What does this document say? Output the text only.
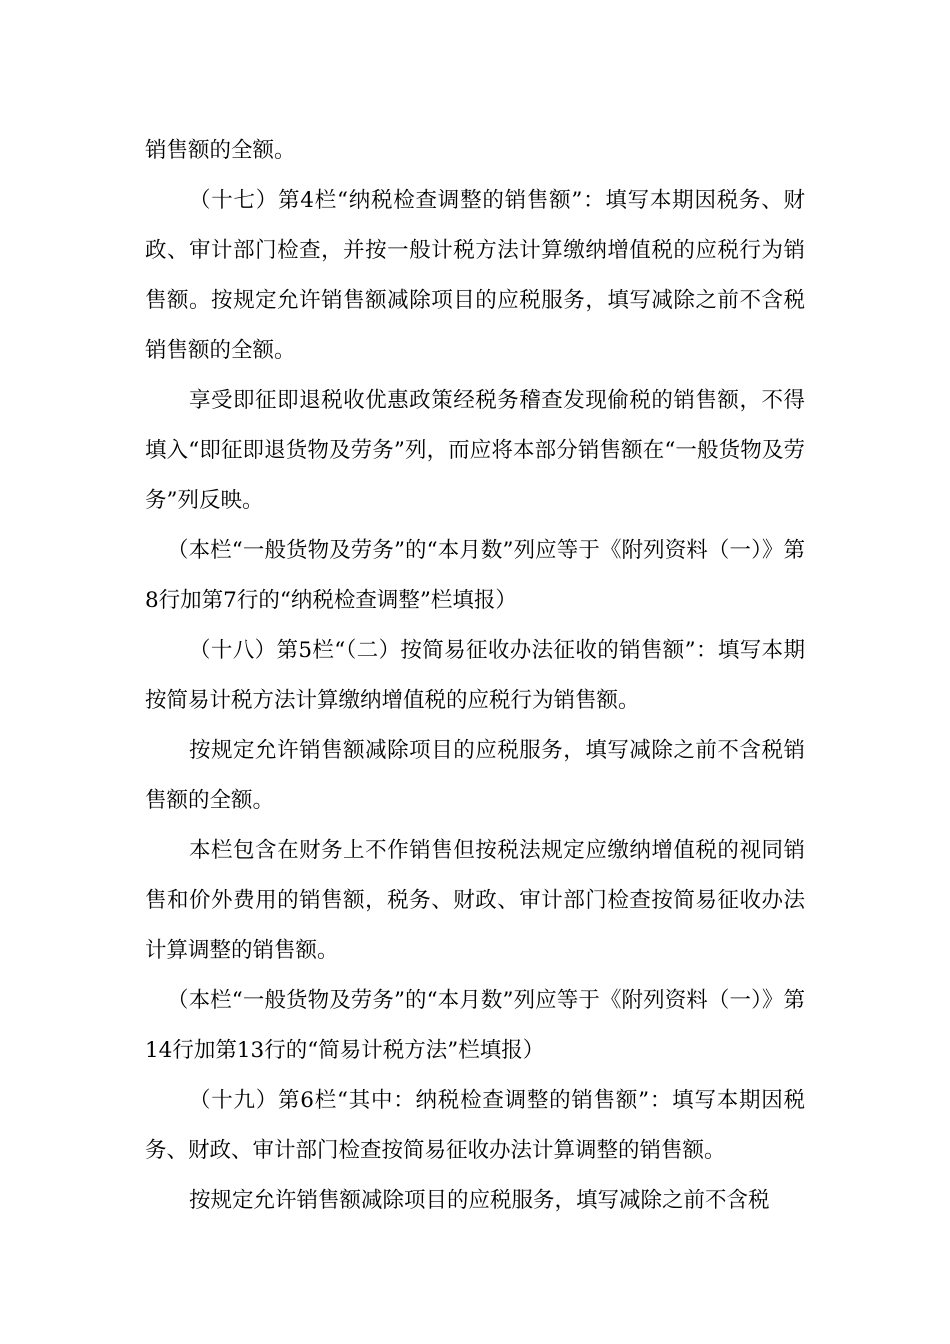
销售额的全额。

（十七）第4栏“纳税检查调整的销售额”：填写本期因税务、财政、审计部门检查，并按一般计税方法计算缴纳增值税的应税行为销售额。按规定允许销售额减除项目的应税服务，填写减除之前不含税销售额的全额。

享受即征即退税收优惠政策经税务稽查发现偷税的销售额，不得填入“即征即退货物及劳务”列，而应将本部分销售额在“一般货物及劳务”列反映。

（本栏“一般货物及劳务”的“本月数”列应等于《附列资料（一）》第8行加第7行的“纳税检查调整”栏填报）

（十八）第5栏“（二）按简易征收办法征收的销售额”：填写本期按简易计税方法计算缴纳增值税的应税行为销售额。

按规定允许销售额减除项目的应税服务，填写减除之前不含税销售额的全额。

本栏包含在财务上不作销售但按税法规定应缴纳增值税的视同销售和价外费用的销售额，税务、财政、审计部门检查按简易征收办法计算调整的销售额。

（本栏“一般货物及劳务”的“本月数”列应等于《附列资料（一）》第14行加第13行的“简易计税方法”栏填报）

（十九）第6栏“其中：纳税检查调整的销售额”：填写本期因税务、财政、审计部门检查按简易征收办法计算调整的销售额。

按规定允许销售额减除项目的应税服务，填写减除之前不含税
